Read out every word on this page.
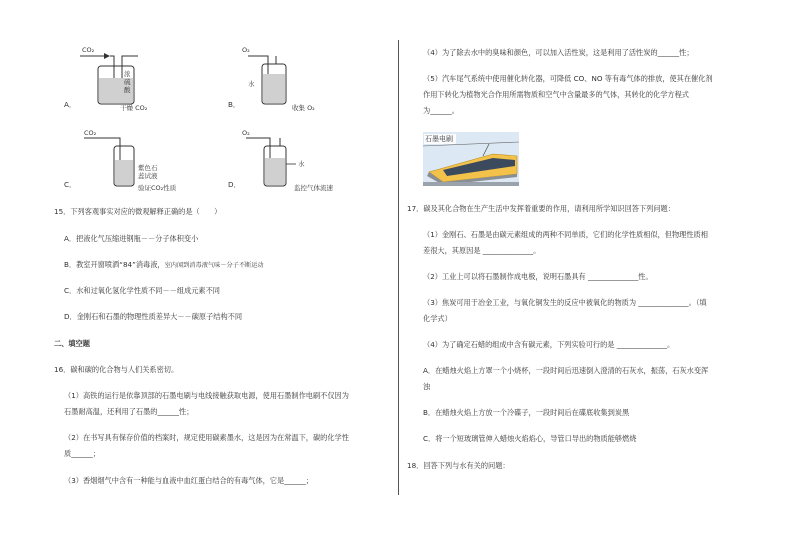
A．
CO₂
浓
硫
酸
干燥 CO₂	B．
O₂
水
收集 O₂
C．
CO₂
紫色石
蕊试液
验证CO₂性质	D．
O₂
水
监控气体流速
15．下列客观事实对应的微观解释正确的是（　　）
A．把液化气压缩进钢瓶－－分子体积变小
B．教室开窗喷洒“84”消毒液，室内闻到消毒液气味－分子不断运动
C．水和过氧化氢化学性质不同－－组成元素不同
D．金刚石和石墨的物理性质差异大－－碳原子结构不同
二、填空题
16．碳和碳的化合物与人们关系密切。
（1）高铁的运行是依靠顶部的石墨电刷与电线接触获取电源，使用石墨制作电刷不仅因为
石墨耐高温，还利用了石墨的______性；
（2）在书写具有保存价值的档案时，规定使用碳素墨水，这是因为在常温下，碳的化学性
质______；
（3）香烟烟气中含有一种能与血液中血红蛋白结合的有毒气体，它是______；
（4）为了除去水中的臭味和颜色，可以加入活性炭，这是利用了活性炭的______性；
（5）汽车尾气系统中使用催化转化器，可降低 CO、NO 等有毒气体的排放，使其在催化剂
作用下转化为植物光合作用所需物质和空气中含量最多的气体，其转化的化学方程式
为______。
石墨电刷
17．碳及其化合物在生产生活中发挥着重要的作用，请利用所学知识回答下列问题：
（1）金刚石、石墨是由碳元素组成的两种不同单质，它们的化学性质相似，但物理性质相
差很大，其原因是 ______________。
（2）工业上可以将石墨制作成电极，说明石墨具有 ______________性。
（3）焦炭可用于冶金工业，与氧化铜发生的反应中被氧化的物质为 ______________。（填
化学式）
（4）为了确定石蜡的组成中含有碳元素，下列实验可行的是 ______________。
A．在蜡烛火焰上方罩一个小烧杯，一段时间后迅速倒入澄清的石灰水，振荡，石灰水变浑
浊
B．在蜡烛火焰上方放一个冷碟子，一段时间后在碟底收集到炭黑
C．将一个短玻璃管伸入蜡烛火焰焰心，导管口导出的物质能够燃烧
18．回答下列与水有关的问题：
